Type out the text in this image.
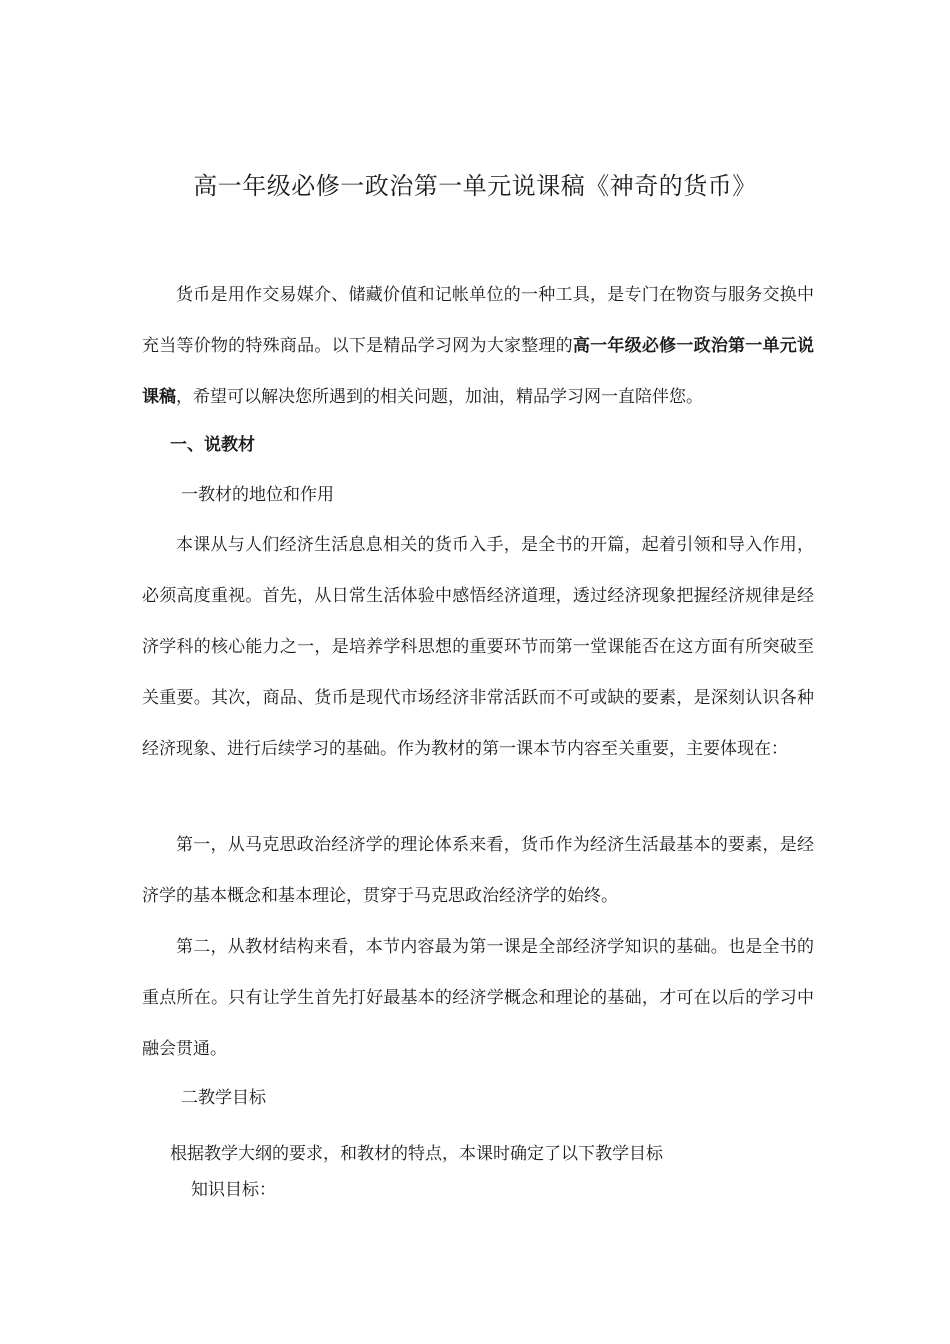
高一年级必修一政治第一单元说课稿《神奇的货币》
货币是用作交易媒介、储藏价值和记帐单位的一种工具，是专门在物资与服务交换中充当等价物的特殊商品。以下是精品学习网为大家整理的高一年级必修一政治第一单元说课稿，希望可以解决您所遇到的相关问题，加油，精品学习网一直陪伴您。
一、说教材
一教材的地位和作用
本课从与人们经济生活息息相关的货币入手，是全书的开篇，起着引领和导入作用，必须高度重视。首先，从日常生活体验中感悟经济道理，透过经济现象把握经济规律是经济学科的核心能力之一，是培养学科思想的重要环节而第一堂课能否在这方面有所突破至关重要。其次，商品、货币是现代市场经济非常活跃而不可或缺的要素，是深刻认识各种经济现象、进行后续学习的基础。作为教材的第一课本节内容至关重要，主要体现在：
第一，从马克思政治经济学的理论体系来看，货币作为经济生活最基本的要素，是经济学的基本概念和基本理论，贯穿于马克思政治经济学的始终。
第二，从教材结构来看，本节内容最为第一课是全部经济学知识的基础。也是全书的重点所在。只有让学生首先打好最基本的经济学概念和理论的基础，才可在以后的学习中融会贯通。
二教学目标
根据教学大纲的要求，和教材的特点，本课时确定了以下教学目标
知识目标：
